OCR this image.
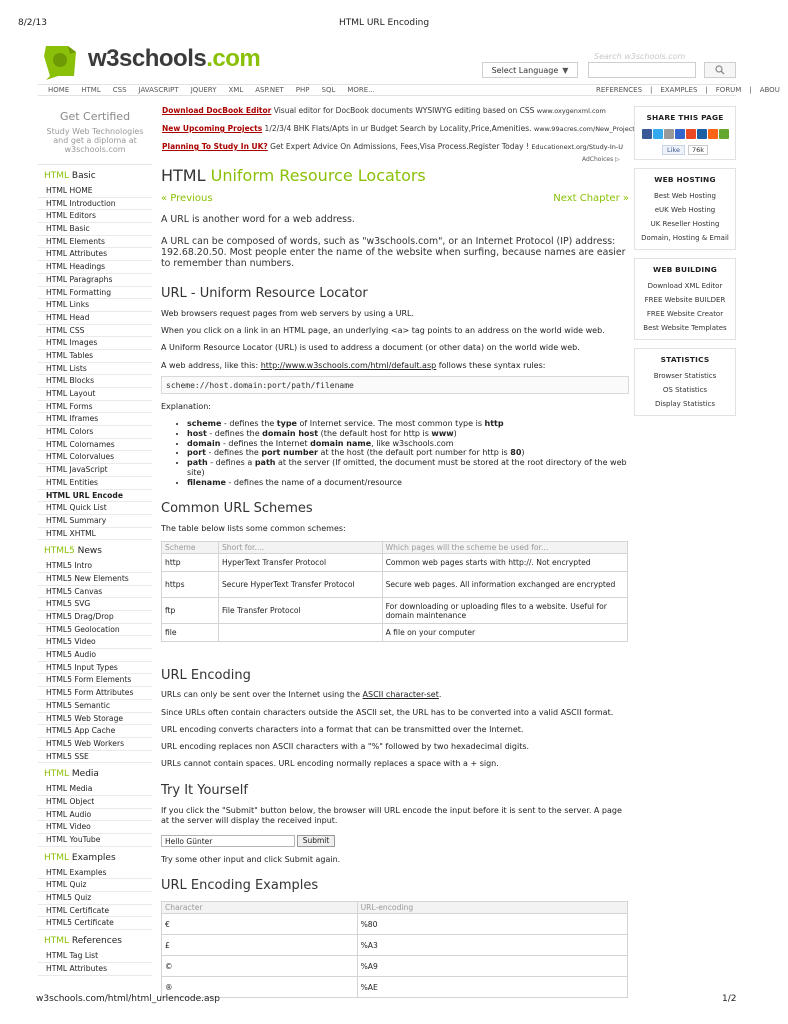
8/2/13	HTML URL Encoding
w3schools.com	Search w3schools.com
Select Language ▼
HOME	HTML	CSS	JAVASCRIPT	JQUERY	XML	ASP.NET	PHP	SQL	MORE...	REFERENCES	|	EXAMPLES	|	FORUM	|	ABOU
Get Certified
Study Web Technologies and get a diploma at w3schools.com
HTML Basic
HTML HOME
HTML Introduction
HTML Editors
HTML Basic
HTML Elements
HTML Attributes
HTML Headings
HTML Paragraphs
HTML Formatting
HTML Links
HTML Head
HTML CSS
HTML Images
HTML Tables
HTML Lists
HTML Blocks
HTML Layout
HTML Forms
HTML Iframes
HTML Colors
HTML Colornames
HTML Colorvalues
HTML JavaScript
HTML Entities
HTML URL Encode
HTML Quick List
HTML Summary
HTML XHTML
HTML5 News
HTML5 Intro
HTML5 New Elements
HTML5 Canvas
HTML5 SVG
HTML5 Drag/Drop
HTML5 Geolocation
HTML5 Video
HTML5 Audio
HTML5 Input Types
HTML5 Form Elements
HTML5 Form Attributes
HTML5 Semantic
HTML5 Web Storage
HTML5 App Cache
HTML5 Web Workers
HTML5 SSE
HTML Media
HTML Media
HTML Object
HTML Audio
HTML Video
HTML YouTube
HTML Examples
HTML Examples
HTML Quiz
HTML5 Quiz
HTML Certificate
HTML5 Certificate
HTML References
HTML Tag List
HTML Attributes
Download DocBook Editor Visual editor for DocBook documents WYSIWYG editing based on CSS www.oxygenxml.com
New Upcoming Projects 1/2/3/4 BHK Flats/Apts in ur Budget Search by Locality,Price,Amenities. www.99acres.com/New_Project
Planning To Study In UK? Get Expert Advice On Admissions, Fees,Visa Process.Register Today ! Educationext.org/Study-In-U
AdChoices ▷
HTML Uniform Resource Locators
« Previous	Next Chapter »
A URL is another word for a web address.
A URL can be composed of words, such as "w3schools.com", or an Internet Protocol (IP) address: 192.68.20.50. Most people enter the name of the website when surfing, because names are easier to remember than numbers.
URL - Uniform Resource Locator
Web browsers request pages from web servers by using a URL.
When you click on a link in an HTML page, an underlying <a> tag points to an address on the world wide web.
A Uniform Resource Locator (URL) is used to address a document (or other data) on the world wide web.
A web address, like this: http://www.w3schools.com/html/default.asp follows these syntax rules:
scheme://host.domain:port/path/filename
Explanation:
• scheme - defines the type of Internet service. The most common type is http
• host - defines the domain host (the default host for http is www)
• domain - defines the Internet domain name, like w3schools.com
• port - defines the port number at the host (the default port number for http is 80)
• path - defines a path at the server (If omitted, the document must be stored at the root directory of the web site)
• filename - defines the name of a document/resource
Common URL Schemes
The table below lists some common schemes:
Scheme	Short for....	Which pages will the scheme be used for...
http	HyperText Transfer Protocol	Common web pages starts with http://. Not encrypted
https	Secure HyperText Transfer Protocol	Secure web pages. All information exchanged are encrypted
ftp	File Transfer Protocol	For downloading or uploading files to a website. Useful for domain maintenance
file		A file on your computer
URL Encoding
URLs can only be sent over the Internet using the ASCII character-set.
Since URLs often contain characters outside the ASCII set, the URL has to be converted into a valid ASCII format.
URL encoding converts characters into a format that can be transmitted over the Internet.
URL encoding replaces non ASCII characters with a "%" followed by two hexadecimal digits.
URLs cannot contain spaces. URL encoding normally replaces a space with a + sign.
Try It Yourself
If you click the "Submit" button below, the browser will URL encode the input before it is sent to the server. A page at the server will display the received input.
Hello Günter	Submit
Try some other input and click Submit again.
URL Encoding Examples
Character	URL-encoding
€	%80
£	%A3
©	%A9
®	%AE
SHARE THIS PAGE
Like	76k
WEB HOSTING
Best Web Hosting
eUK Web Hosting
UK Reseller Hosting
Domain, Hosting & Email
WEB BUILDING
Download XML Editor
FREE Website BUILDER
FREE Website Creator
Best Website Templates
STATISTICS
Browser Statistics
OS Statistics
Display Statistics
w3schools.com/html/html_urlencode.asp	1/2
